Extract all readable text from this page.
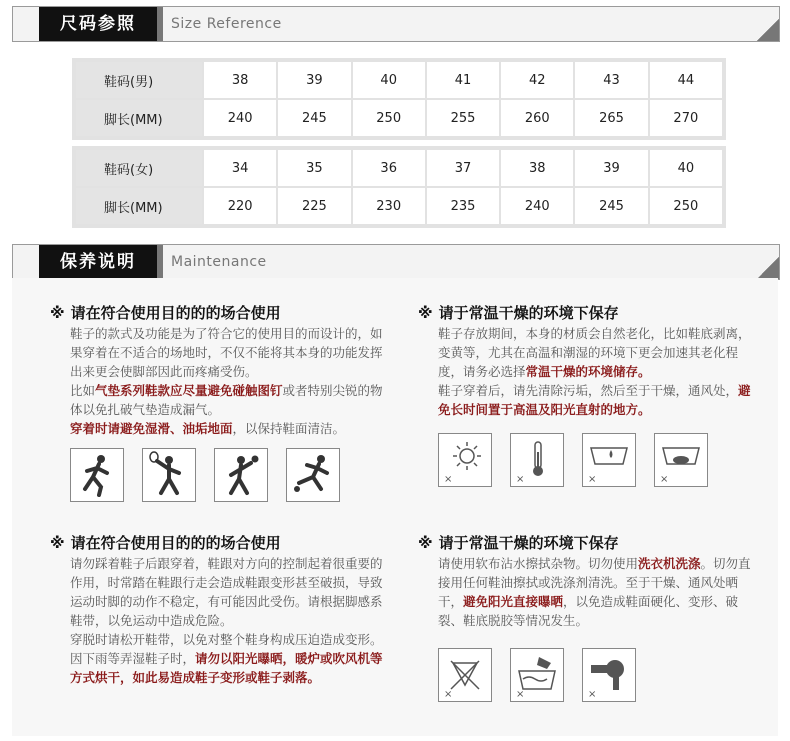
尺码参照	Size Reference
鞋码(男)	38	39	40	41	42	43	44
脚长(MM)	240	245	250	255	260	265	270
鞋码(女)	34	35	36	37	38	39	40
脚长(MM)	220	225	230	235	240	245	250
保养说明	Maintenance
※ 请在符合使用目的的的场合使用

鞋子的款式及功能是为了符合它的使用目的而设计的，如果穿着在不适合的场地时，不仅不能将其本身的功能发挥出来更会使脚部因此而疼痛受伤。

比如气垫系列鞋款应尽量避免碰触图钉或者特别尖锐的物体以免扎破气垫造成漏气。

穿着时请避免湿滑、油垢地面，以保持鞋面清洁。

※ 请于常温干燥的环境下保存

鞋子存放期间，本身的材质会自然老化，比如鞋底剥离，变黄等，尤其在高温和潮湿的环境下更会加速其老化程度，请务必选择常温干燥的环境储存。

鞋子穿着后，请先清除污垢，然后至于干燥，通风处，避免长时间置于高温及阳光直射的地方。

×	×	×	×
※ 请在符合使用目的的的场合使用

请勿踩着鞋子后跟穿着，鞋跟对方向的控制起着很重要的作用，时常踏在鞋跟行走会造成鞋跟变形甚至破损，导致运动时脚的动作不稳定，有可能因此受伤。请根据脚感系鞋带，以免运动中造成危险。

穿脱时请松开鞋带，以免对整个鞋身构成压迫造成变形。因下雨等弄湿鞋子时，请勿以阳光曝晒，暖炉或吹风机等方式烘干，如此易造成鞋子变形或鞋子剥落。

※ 请于常温干燥的环境下保存

请使用软布沾水擦拭杂物。切勿使用洗衣机洗涤。切勿直接用任何鞋油擦拭或洗涤剂清洗。至于干燥、通风处晒干，避免阳光直接曝晒，以免造成鞋面硬化、变形、破裂、鞋底脱胶等情况发生。

×	×	×
